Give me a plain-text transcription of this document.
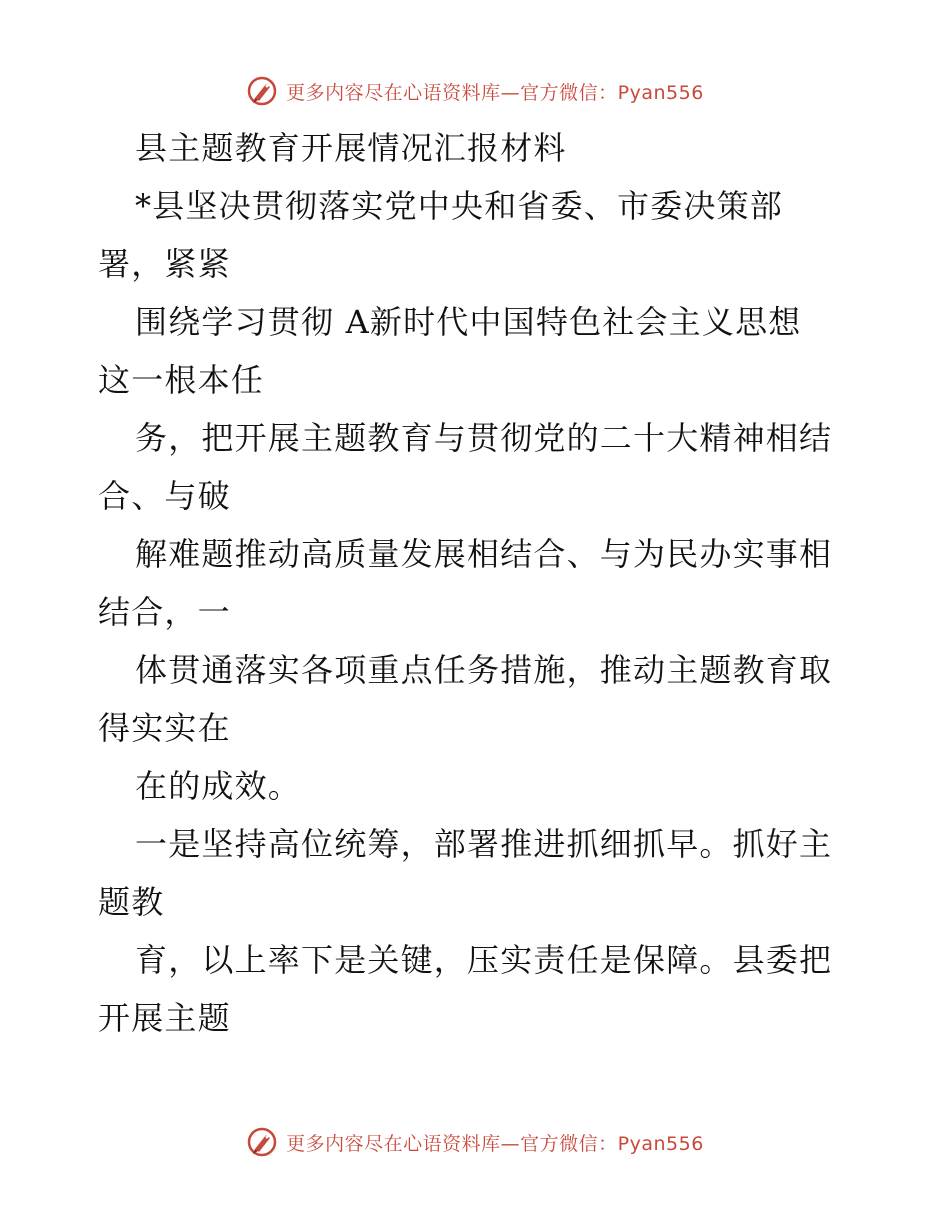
更多内容尽在心语资料库—官方微信：Pyan556
县主题教育开展情况汇报材料
*县坚决贯彻落实党中央和省委、市委决策部
署，紧紧
围绕学习贯彻 A新时代中国特色社会主义思想
这一根本任
务，把开展主题教育与贯彻党的二十大精神相结
合、与破
解难题推动高质量发展相结合、与为民办实事相
结合，一
体贯通落实各项重点任务措施，推动主题教育取
得实实在
在的成效。
一是坚持高位统筹，部署推进抓细抓早。抓好主
题教
育，以上率下是关键，压实责任是保障。县委把
开展主题
更多内容尽在心语资料库—官方微信：Pyan556
